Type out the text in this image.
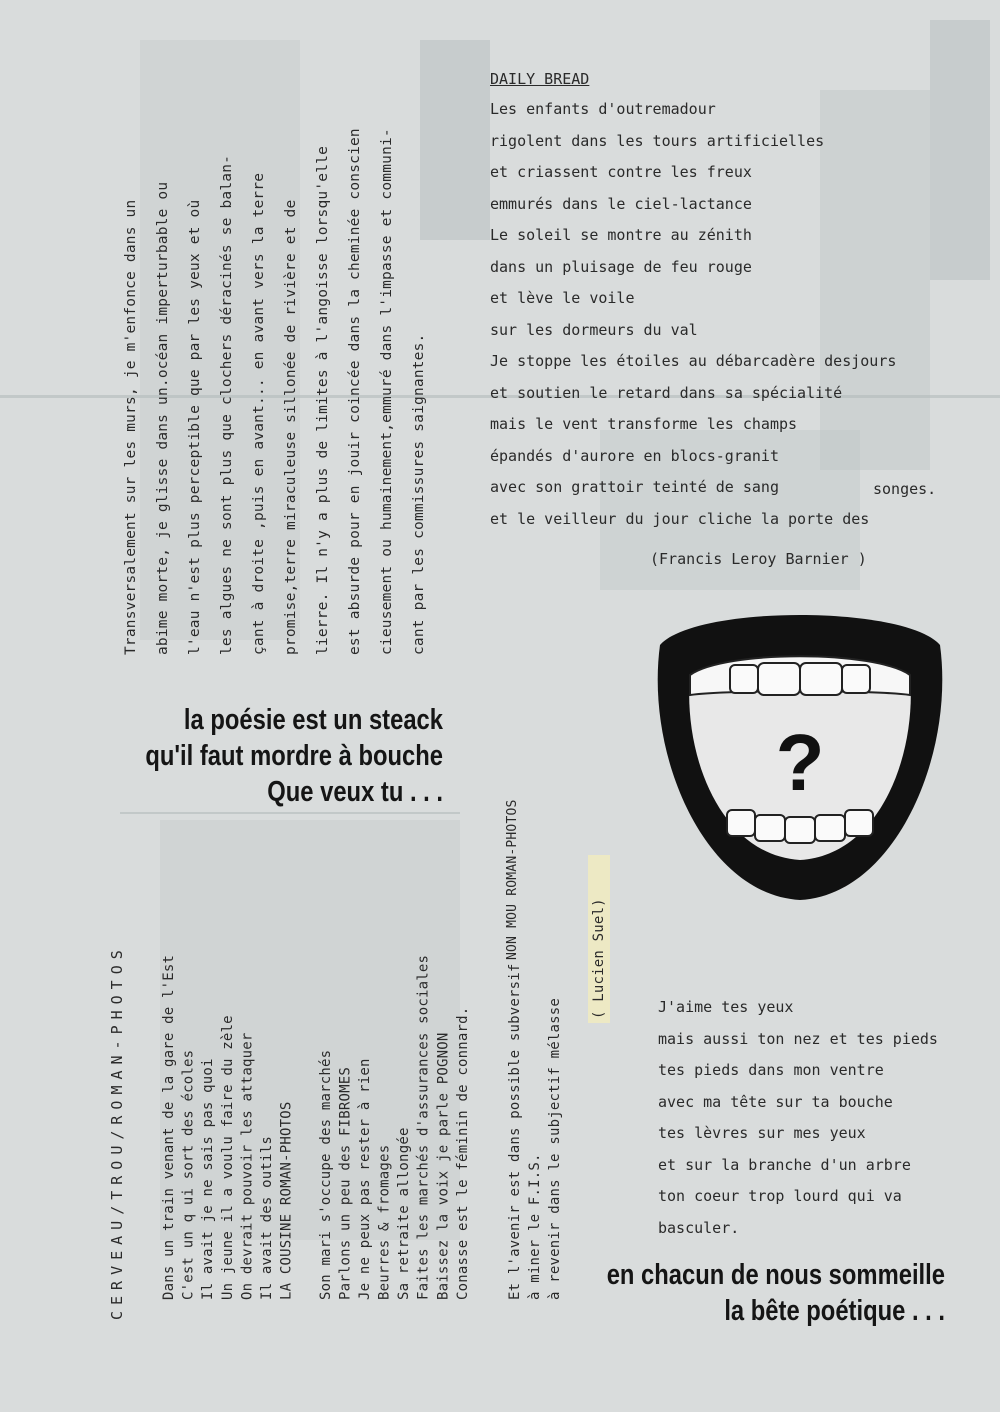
Transversalement sur les murs, je m'enfonce dans un	abime morte, je glisse dans un.océan imperturbable ou	l'eau n'est plus perceptible que par les yeux et où	les algues ne sont plus que clochers déracinés se balan-	çant à droite ,puis en avant... en avant vers la terre	promise,terre miraculeuse sillonée de rivière et de	lierre. Il n'y a plus de limites à l'angoisse lorsqu'elle	est absurde pour en jouir coincée dans la cheminée conscien	cieusement ou humainement,emmuré dans l'impasse et communi-	cant par les commissures saignantes.
DAILY BREAD
Les enfants d'outremadour
rigolent dans les tours artificielles
et criassent contre les freux
emmurés dans le ciel-lactance
Le soleil se montre au zénith
dans un pluisage de feu rouge
et lève le voile
sur les dormeurs du val
Je stoppe les étoiles au débarcadère desjours
et soutien le retard dans sa spécialité
mais le vent transforme les champs
épandés d'aurore en blocs-granit
avec son grattoir teinté de sang
et le veilleur du jour cliche la porte des
songes.
(Francis Leroy Barnier )
la poésie est un steack
qu'il faut mordre à bouche
Que veux tu . . .	?
CERVEAU/TROU/ROMAN-PHOTOS	Dans un train venant de la gare de l'Est C'est un q ui sort des écoles Il avait je ne sais pas quoi Un jeune il a voulu faire du zèle On devrait pouvoir les attaquer Il avait des outils LA COUSINE ROMAN-PHOTOS
Son mari s'occupe des marchés Parlons un peu des FIBROMES Je ne peux pas rester à rien Beurres & fromages Sa retraite allongée Faites les marchés d'assurances sociales Baissez la voix je parle POGNON Conasse est le féminin de connard.	Et l'avenir est dans possible subversif à miner le F.I.S. à revenir dans le subjectif mélasse
NON MOU ROMAN-PHOTOS	( Lucien Suel)	J'aime tes yeux
mais aussi ton nez et tes pieds
tes pieds dans mon ventre
avec ma tête sur ta bouche
tes lèvres sur mes yeux
et sur la branche d'un arbre
ton coeur trop lourd qui va
basculer.
en chacun de nous sommeille
la bête poétique . . .
